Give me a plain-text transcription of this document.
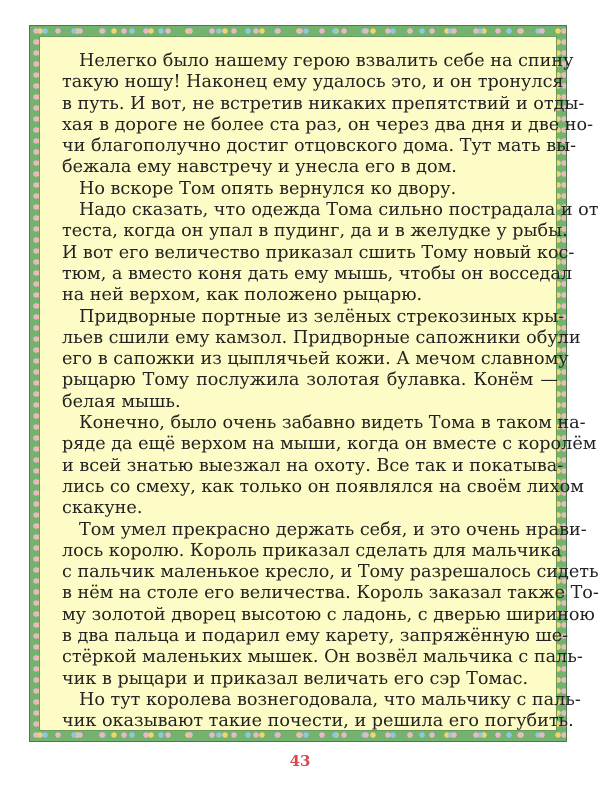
Нелегко было нашему герою взвалить себе на спину
такую ношу! Наконец ему удалось это, и он тронулся
в путь. И вот, не встретив никаких препятствий и отды-
хая в дороге не более ста раз, он через два дня и две но-
чи благополучно достиг отцовского дома. Тут мать вы-
бежала ему навстречу и унесла его в дом.
Но вскоре Том опять вернулся ко двору.
Надо сказать, что одежда Тома сильно пострадала и от
теста, когда он упал в пудинг, да и в желудке у рыбы.
И вот его величество приказал сшить Тому новый кос-
тюм, а вместо коня дать ему мышь, чтобы он восседал
на ней верхом, как положено рыцарю.
Придворные портные из зелёных стрекозиных кры-
льев сшили ему камзол. Придворные сапожники обули
его в сапожки из цыплячьей кожи. А мечом славному
рыцарю Тому послужила золотая булавка. Конём —
белая мышь.
Конечно, было очень забавно видеть Тома в таком на-
ряде да ещё верхом на мыши, когда он вместе с королём
и всей знатью выезжал на охоту. Все так и покатыва-
лись со смеху, как только он появлялся на своём лихом
скакуне.
Том умел прекрасно держать себя, и это очень нрави-
лось королю. Король приказал сделать для мальчика
с пальчик маленькое кресло, и Тому разрешалось сидеть
в нём на столе его величества. Король заказал также То-
му золотой дворец высотою с ладонь, с дверью шириною
в два пальца и подарил ему карету, запряжённую ше-
стёркой маленьких мышек. Он возвёл мальчика с паль-
чик в рыцари и приказал величать его сэр Томас.
Но тут королева вознегодовала, что мальчику с паль-
чик оказывают такие почести, и решила его погубить.
43
